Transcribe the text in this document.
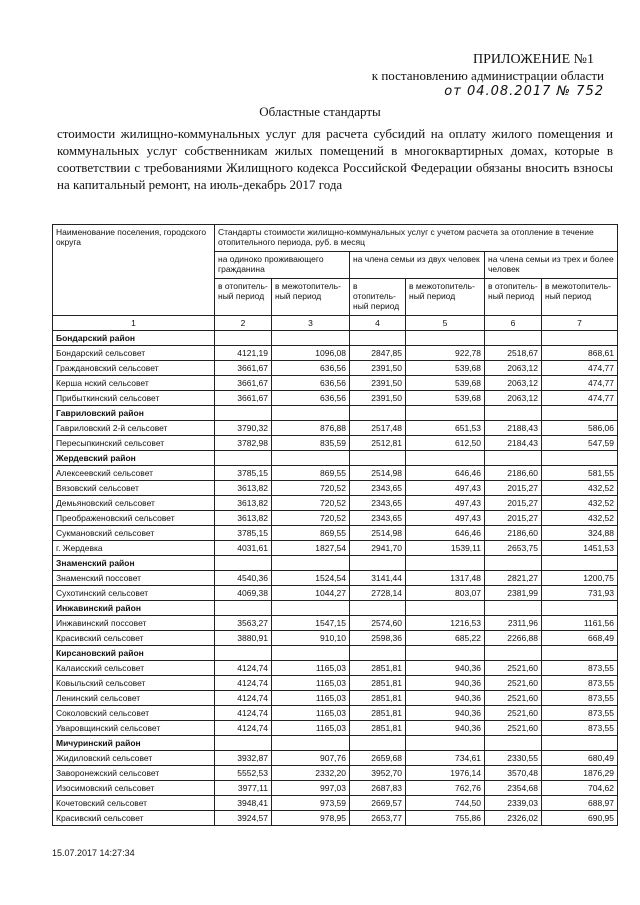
ПРИЛОЖЕНИЕ №1
к постановлению администрации области
от 04.08.2017 № 752
Областные стандарты
стоимости жилищно-коммунальных услуг для расчета субсидий на оплату жилого помещения и коммунальных услуг собственникам жилых помещений в многоквартирных домах, которые в соответствии с требованиями Жилищного кодекса Российской Федерации обязаны вносить взносы на капитальный ремонт, на июль-декабрь 2017 года
Наименование поселения, городского округа	Стандарты стоимости жилищно-коммунальных услуг с учетом расчета за отопление в течение отопительного периода, руб. в месяц					
	на одиноко проживающего гражданина		на члена семьи из двух человек		на члена семьи из трех и более человек	
	в отопитель-ный период	в межотопитель-ный период	в отопитель-ный период	в межотопитель-ный период	в отопитель-ный период	в межотопитель-ный период
1	2	3	4	5	6	7
Бондарский район						
Бондарский сельсовет	4121,19	1096,08	2847,85	922,78	2518,67	868,61
Граждановский сельсовет	3661,67	636,56	2391,50	539,68	2063,12	474,77
Керша нский сельсовет	3661,67	636,56	2391,50	539,68	2063,12	474,77
Прибыткинский сельсовет	3661,67	636,56	2391,50	539,68	2063,12	474,77
Гавриловский район						
Гавриловский 2-й сельсовет	3790,32	876,88	2517,48	651,53	2188,43	586,06
Пересыпкинский сельсовет	3782,98	835,59	2512,81	612,50	2184,43	547,59
Жердевский район						
Алексеевский сельсовет	3785,15	869,55	2514,98	646,46	2186,60	581,55
Вязовский сельсовет	3613,82	720,52	2343,65	497,43	2015,27	432,52
Демьяновский сельсовет	3613,82	720,52	2343,65	497,43	2015,27	432,52
Преображеновский сельсовет	3613,82	720,52	2343,65	497,43	2015,27	432,52
Сукмановский сельсовет	3785,15	869,55	2514,98	646,46	2186,60	324,88
г. Жердевка	4031,61	1827,54	2941,70	1539,11	2653,75	1451,53
Знаменский район						
Знаменский поссовет	4540,36	1524,54	3141,44	1317,48	2821,27	1200,75
Сухотинский сельсовет	4069,38	1044,27	2728,14	803,07	2381,99	731,93
Инжавинский район						
Инжавинский поссовет	3563,27	1547,15	2574,60	1216,53	2311,96	1161,56
Красивский сельсовет	3880,91	910,10	2598,36	685,22	2266,88	668,49
Кирсановский район						
Калаисский сельсовет	4124,74	1165,03	2851,81	940,36	2521,60	873,55
Ковыльский сельсовет	4124,74	1165,03	2851,81	940,36	2521,60	873,55
Ленинский сельсовет	4124,74	1165,03	2851,81	940,36	2521,60	873,55
Соколовский сельсовет	4124,74	1165,03	2851,81	940,36	2521,60	873,55
Уваровщинский сельсовет	4124,74	1165,03	2851,81	940,36	2521,60	873,55
Мичуринский район						
Жидиловский сельсовет	3932,87	907,76	2659,68	734,61	2330,55	680,49
Заворонежский сельсовет	5552,53	2332,20	3952,70	1976,14	3570,48	1876,29
Изосимовский сельсовет	3977,11	997,03	2687,83	762,76	2354,68	704,62
Кочетовский сельсовет	3948,41	973,59	2669,57	744,50	2339,03	688,97
Красивский сельсовет	3924,57	978,95	2653,77	755,86	2326,02	690,95
15.07.2017 14:27:34
